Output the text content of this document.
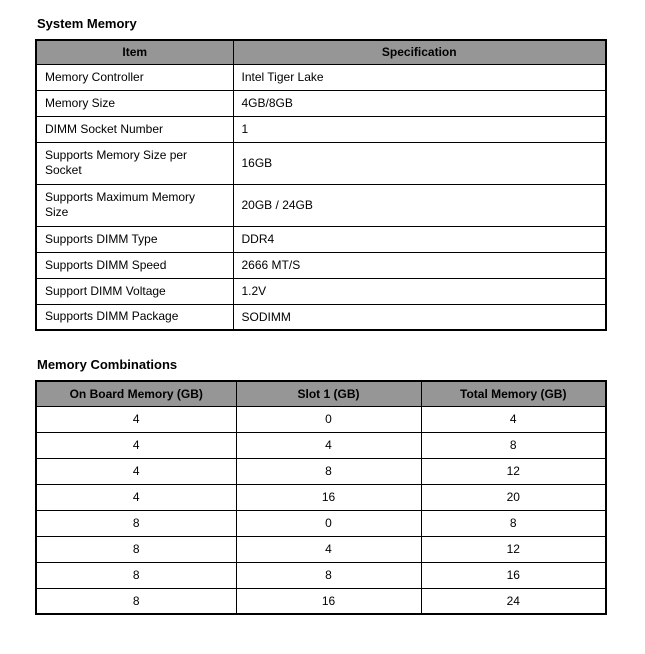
System Memory
Item	Specification

Memory Controller	Intel Tiger Lake

Memory Size	4GB/8GB

DIMM Socket Number	1

Supports Memory Size per Socket	16GB

Supports Maximum Memory Size	20GB / 24GB

Supports DIMM Type	DDR4

Supports DIMM Speed	2666 MT/S

Support DIMM Voltage	1.2V

Supports DIMM Package	SODIMM
Memory Combinations
On Board Memory (GB)	Slot 1 (GB)	Total Memory (GB)
4	0	4
4	4	8
4	8	12
4	16	20
8	0	8
8	4	12
8	8	16
8	16	24
